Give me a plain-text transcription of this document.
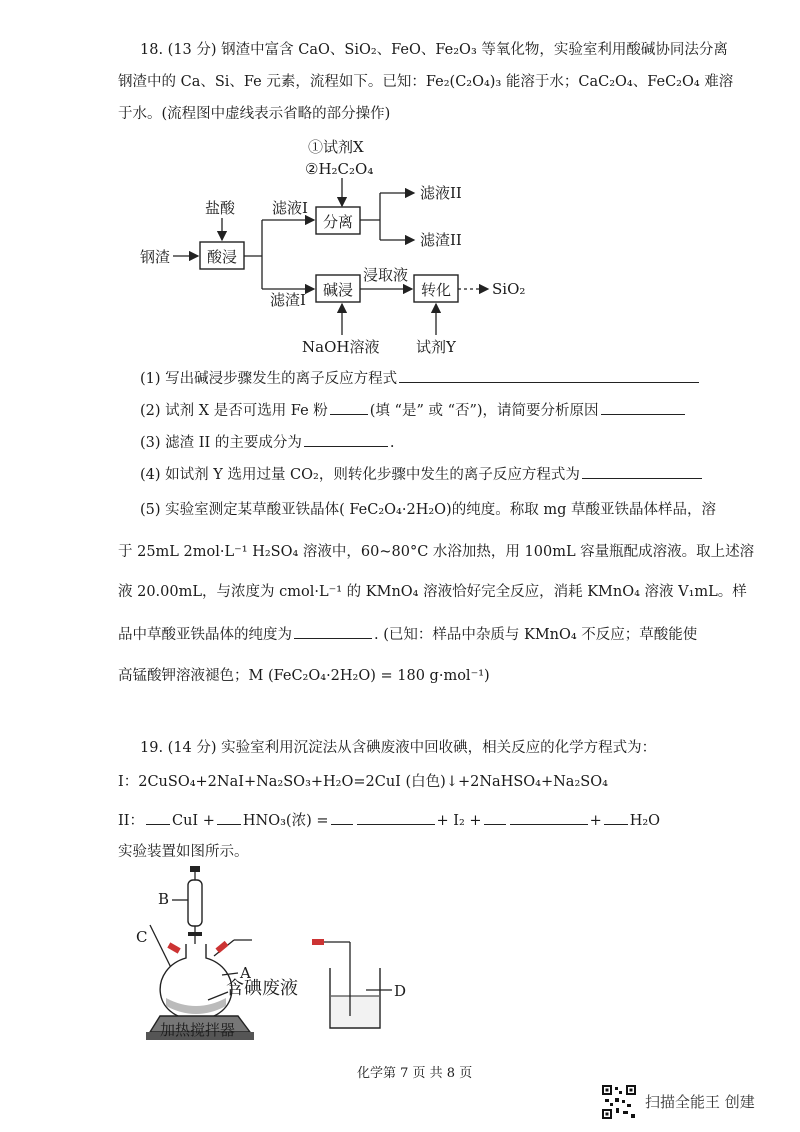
18. (13 分) 钢渣中富含 CaO、SiO₂、FeO、Fe₂O₃ 等氧化物，实验室利用酸碱协同法分离
钢渣中的 Ca、Si、Fe 元素，流程如下。已知：Fe₂(C₂O₄)₃ 能溶于水；CaC₂O₄、FeC₂O₄ 难溶
于水。(流程图中虚线表示省略的部分操作)
①试剂X
②H₂C₂O₄
盐酸
钢渣 酸浸
滤液I
滤渣I
分离
滤液II
滤渣II
碱浸
NaOH溶液
浸取液
转化
试剂Y
SiO₂
(1) 写出碱浸步骤发生的离子反应方程式
(2) 试剂 X 是否可选用 Fe 粉	(填 “是” 或 “否”)，请简要分析原因
(3) 滤渣 II 的主要成分为	.
(4) 如试剂 Y 选用过量 CO₂，则转化步骤中发生的离子反应方程式为
(5) 实验室测定某草酸亚铁晶体( FeC₂O₄·2H₂O)的纯度。称取 mg 草酸亚铁晶体样品，溶
于 25mL 2mol·L⁻¹ H₂SO₄ 溶液中，60~80°C 水浴加热，用 100mL 容量瓶配成溶液。取上述溶
液 20.00mL，与浓度为 cmol·L⁻¹ 的 KMnO₄ 溶液恰好完全反应，消耗 KMnO₄ 溶液 V₁mL。样
品中草酸亚铁晶体的纯度为	. (已知：样品中杂质与 KMnO₄ 不反应；草酸能使
高锰酸钾溶液褪色；M (FeC₂O₄·2H₂O) = 180 g·mol⁻¹)
19. (14 分) 实验室利用沉淀法从含碘废液中回收碘，相关反应的化学方程式为：
I：2CuSO₄+2NaI+Na₂SO₃+H₂O=2CuI (白色)↓+2NaHSO₄+Na₂SO₄
II： CuI + HNO₃(浓) =	+ I₂ +	+ H₂O
实验装置如图所示。
B
C
A
含碘废液	D
加热搅拌器
化学第 7 页 共 8 页
扫描全能王 创建
